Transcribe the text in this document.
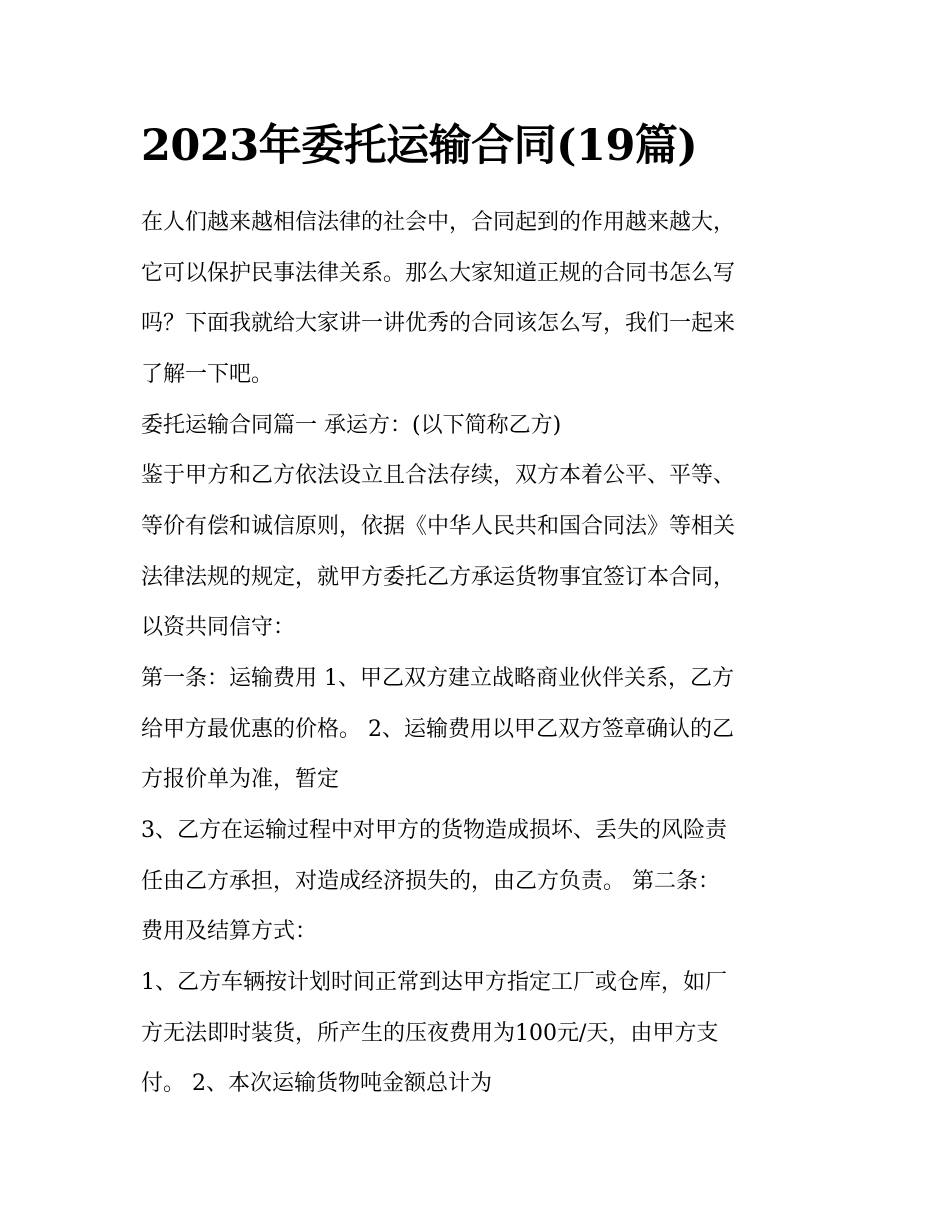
2023年委托运输合同(19篇)

在人们越来越相信法律的社会中，合同起到的作用越来越大，

它可以保护民事法律关系。那么大家知道正规的合同书怎么写

吗？下面我就给大家讲一讲优秀的合同该怎么写，我们一起来

了解一下吧。

委托运输合同篇一 承运方：(以下简称乙方)

鉴于甲方和乙方依法设立且合法存续，双方本着公平、平等、

等价有偿和诚信原则，依据《中华人民共和国合同法》等相关

法律法规的规定，就甲方委托乙方承运货物事宜签订本合同，

以资共同信守：

第一条：运输费用 1、甲乙双方建立战略商业伙伴关系，乙方

给甲方最优惠的价格。 2、运输费用以甲乙双方签章确认的乙

方报价单为准，暂定

3、乙方在运输过程中对甲方的货物造成损坏、丢失的风险责

任由乙方承担，对造成经济损失的，由乙方负责。 第二条：

费用及结算方式：

1、乙方车辆按计划时间正常到达甲方指定工厂或仓库，如厂

方无法即时装货，所产生的压夜费用为100元/天，由甲方支

付。 2、本次运输货物吨金额总计为
